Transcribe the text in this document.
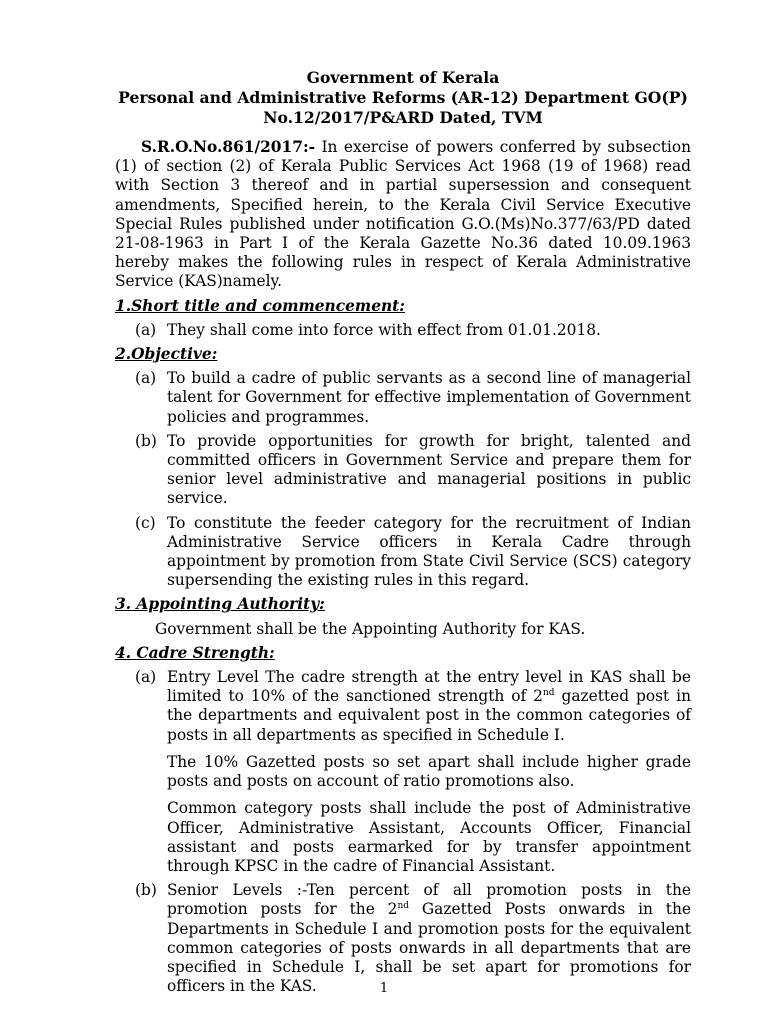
Government of Kerala
Personal and Administrative Reforms (AR-12) Department GO(P)
No.12/2017/P&ARD Dated, TVM
S.R.O.No.861/2017:- In exercise of powers conferred by subsection (1) of section (2) of Kerala Public Services Act 1968 (19 of 1968) read with Section 3 thereof and in partial supersession and consequent amendments, Specified herein, to the Kerala Civil Service Executive Special Rules published under notification G.O.(Ms)No.377/63/PD dated 21-08-1963 in Part I of the Kerala Gazette No.36 dated 10.09.1963 hereby makes the following rules in respect of Kerala Administrative Service (KAS)namely.
1.Short title and commencement:
(a) They shall come into force with effect from 01.01.2018.
2.Objective:
(a) To build a cadre of public servants as a second line of managerial talent for Government for effective implementation of Government policies and programmes.
(b) To provide opportunities for growth for bright, talented and committed officers in Government Service and prepare them for senior level administrative and managerial positions in public service.
(c) To constitute the feeder category for the recruitment of Indian Administrative Service officers in Kerala Cadre through appointment by promotion from State Civil Service (SCS) category supersending the existing rules in this regard.
3. Appointing Authority:
Government shall be the Appointing Authority for KAS.
4. Cadre Strength:
(a) Entry Level The cadre strength at the entry level in KAS shall be limited to 10% of the sanctioned strength of 2nd gazetted post in the departments and equivalent post in the common categories of posts in all departments as specified in Schedule I.
The 10% Gazetted posts so set apart shall include higher grade posts and posts on account of ratio promotions also.
Common category posts shall include the post of Administrative Officer, Administrative Assistant, Accounts Officer, Financial assistant and posts earmarked for by transfer appointment through KPSC in the cadre of Financial Assistant.
(b) Senior Levels :-Ten percent of all promotion posts in the promotion posts for the 2nd Gazetted Posts onwards in the Departments in Schedule I and promotion posts for the equivalent common categories of posts onwards in all departments that are specified in Schedule I, shall be set apart for promotions for officers in the KAS.	1
